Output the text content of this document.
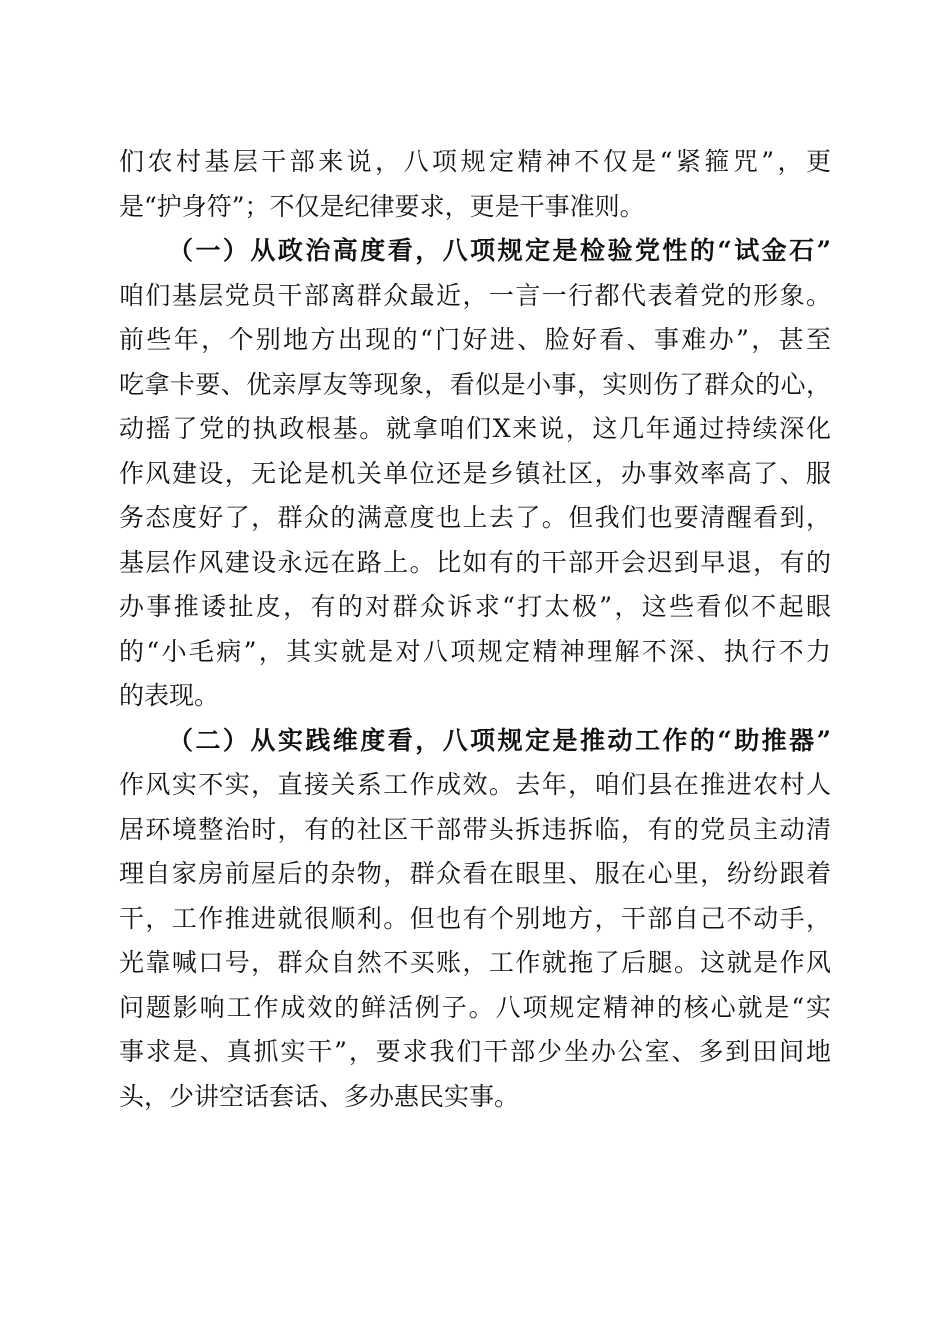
们农村基层干部来说，八项规定精神不仅是“紧箍咒”，更
是“护身符”；不仅是纪律要求，更是干事准则。
（一）从政治高度看，八项规定是检验党性的“试金石”
咱们基层党员干部离群众最近，一言一行都代表着党的形象。
前些年，个别地方出现的“门好进、脸好看、事难办”，甚至
吃拿卡要、优亲厚友等现象，看似是小事，实则伤了群众的心，
动摇了党的执政根基。就拿咱们X来说，这几年通过持续深化
作风建设，无论是机关单位还是乡镇社区，办事效率高了、服
务态度好了，群众的满意度也上去了。但我们也要清醒看到，
基层作风建设永远在路上。比如有的干部开会迟到早退，有的
办事推诿扯皮，有的对群众诉求“打太极”，这些看似不起眼
的“小毛病”，其实就是对八项规定精神理解不深、执行不力
的表现。
（二）从实践维度看，八项规定是推动工作的“助推器”
作风实不实，直接关系工作成效。去年，咱们县在推进农村人
居环境整治时，有的社区干部带头拆违拆临，有的党员主动清
理自家房前屋后的杂物，群众看在眼里、服在心里，纷纷跟着
干，工作推进就很顺利。但也有个别地方，干部自己不动手，
光靠喊口号，群众自然不买账，工作就拖了后腿。这就是作风
问题影响工作成效的鲜活例子。八项规定精神的核心就是“实
事求是、真抓实干”，要求我们干部少坐办公室、多到田间地
头，少讲空话套话、多办惠民实事。
